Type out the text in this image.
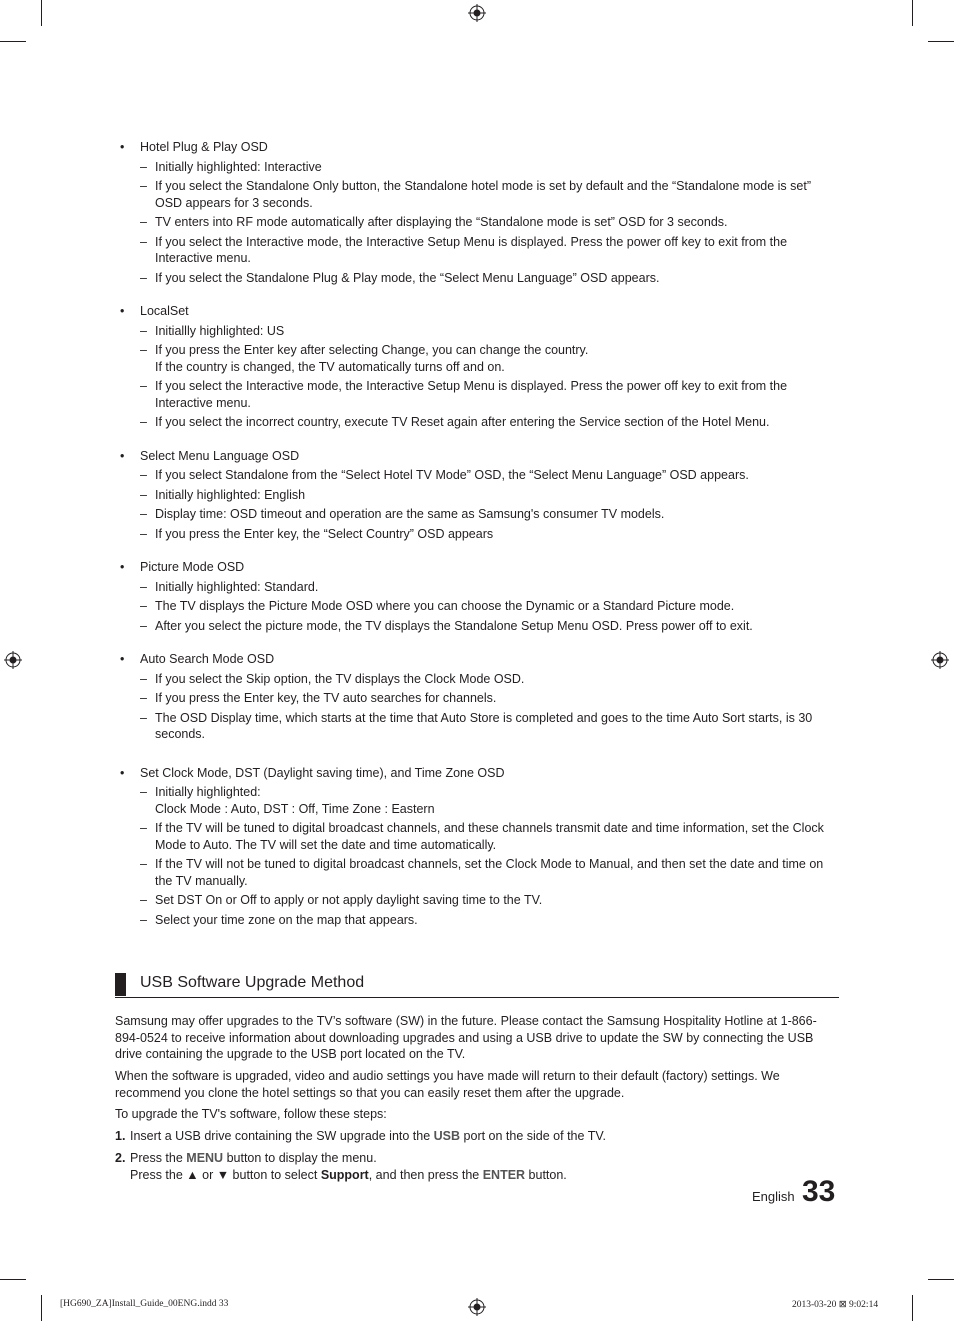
• Hotel Plug & Play OSD
– Initially highlighted: Interactive
– If you select the Standalone Only button, the Standalone hotel mode is set by default and the “Standalone mode is set” OSD appears for 3 seconds.
– TV enters into RF mode automatically after displaying the “Standalone mode is set” OSD for 3 seconds.
– If you select the Interactive mode, the Interactive Setup Menu is displayed. Press the power off key to exit from the Interactive menu.
– If you select the Standalone Plug & Play mode, the “Select Menu Language” OSD appears.
• LocalSet
– Initiallly highlighted: US
– If you press the Enter key after selecting Change, you can change the country.
If the country is changed, the TV automatically turns off and on.
– If you select the Interactive mode, the Interactive Setup Menu is displayed. Press the power off key to exit from the Interactive menu.
– If you select the incorrect country, execute TV Reset again after entering the Service section of the Hotel Menu.
• Select Menu Language OSD
– If you select Standalone from the “Select Hotel TV Mode” OSD, the “Select Menu Language” OSD appears.
– Initially highlighted: English
– Display time: OSD timeout and operation are the same as Samsung's consumer TV models.
– If you press the Enter key, the “Select Country” OSD appears
• Picture Mode OSD
– Initially highlighted: Standard.
– The TV displays the Picture Mode OSD where you can choose the Dynamic or a Standard Picture mode.
– After you select the picture mode, the TV displays the Standalone Setup Menu OSD. Press power off to exit.
• Auto Search Mode OSD
– If you select the Skip option, the TV displays the Clock Mode OSD.
– If you press the Enter key, the TV auto searches for channels.
– The OSD Display time, which starts at the time that Auto Store is completed and goes to the time Auto Sort starts, is 30 seconds.
• Set Clock Mode, DST (Daylight saving time), and Time Zone OSD
– Initially highlighted:
Clock Mode : Auto, DST : Off, Time Zone : Eastern
– If the TV will be tuned to digital broadcast channels, and these channels transmit date and time information, set the Clock Mode to Auto. The TV will set the date and time automatically.
– If the TV will not be tuned to digital broadcast channels, set the Clock Mode to Manual, and then set the date and time on the TV manually.
– Set DST On or Off to apply or not apply daylight saving time to the TV.
– Select your time zone on the map that appears.
USB Software Upgrade Method

Samsung may offer upgrades to the TV’s software (SW) in the future. Please contact the Samsung Hospitality Hotline at 1-866-894-0524 to receive information about downloading upgrades and using a USB drive to update the SW by connecting the USB drive containing the upgrade to the USB port located on the TV.

When the software is upgraded, video and audio settings you have made will return to their default (factory) settings. We recommend you clone the hotel settings so that you can easily reset them after the upgrade.

To upgrade the TV's software, follow these steps:

1. Insert a USB drive containing the SW upgrade into the USB port on the side of the TV.
2. Press the MENU button to display the menu.
Press the ▲ or ▼ button to select Support, and then press the ENTER button.
English 33
[HG690_ZA]Install_Guide_00ENG.indd 33	2013-03-20 ⊠ 9:02:14
